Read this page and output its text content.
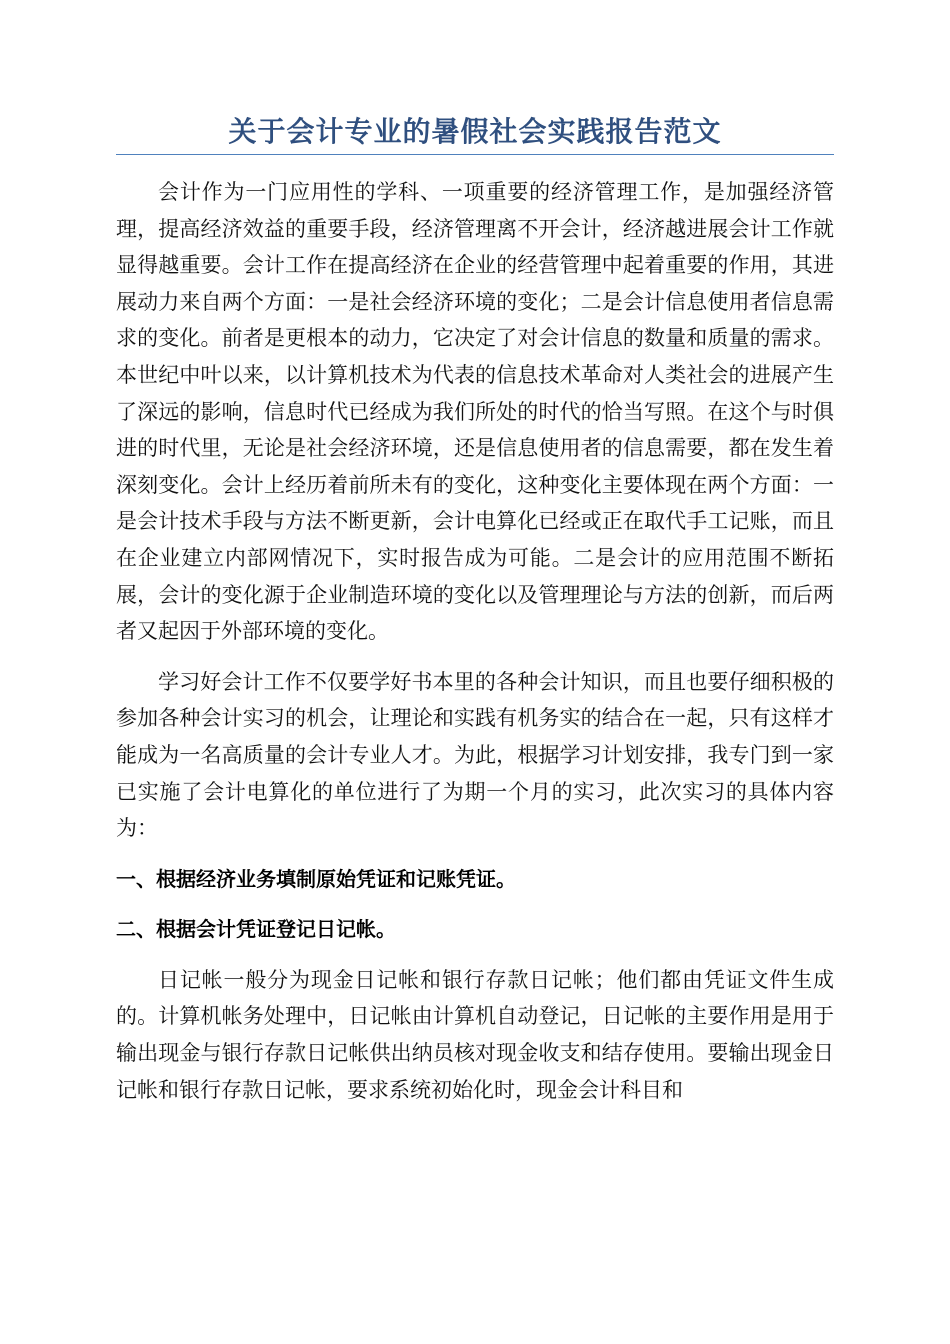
关于会计专业的暑假社会实践报告范文

会计作为一门应用性的学科、一项重要的经济管理工作，是加强经济管理，提高经济效益的重要手段，经济管理离不开会计，经济越进展会计工作就显得越重要。会计工作在提高经济在企业的经营管理中起着重要的作用，其进展动力来自两个方面：一是社会经济环境的变化；二是会计信息使用者信息需求的变化。前者是更根本的动力，它决定了对会计信息的数量和质量的需求。本世纪中叶以来，以计算机技术为代表的信息技术革命对人类社会的进展产生了深远的影响，信息时代已经成为我们所处的时代的恰当写照。在这个与时俱进的时代里，无论是社会经济环境，还是信息使用者的信息需要，都在发生着深刻变化。会计上经历着前所未有的变化，这种变化主要体现在两个方面：一是会计技术手段与方法不断更新，会计电算化已经或正在取代手工记账，而且在企业建立内部网情况下，实时报告成为可能。二是会计的应用范围不断拓展，会计的变化源于企业制造环境的变化以及管理理论与方法的创新，而后两者又起因于外部环境的变化。

学习好会计工作不仅要学好书本里的各种会计知识，而且也要仔细积极的参加各种会计实习的机会，让理论和实践有机务实的结合在一起，只有这样才能成为一名高质量的会计专业人才。为此，根据学习计划安排，我专门到一家已实施了会计电算化的单位进行了为期一个月的实习，此次实习的具体内容为：

一、根据经济业务填制原始凭证和记账凭证。

二、根据会计凭证登记日记帐。

日记帐一般分为现金日记帐和银行存款日记帐；他们都由凭证文件生成的。计算机帐务处理中，日记帐由计算机自动登记，日记帐的主要作用是用于输出现金与银行存款日记帐供出纳员核对现金收支和结存使用。要输出现金日记帐和银行存款日记帐，要求系统初始化时，现金会计科目和
